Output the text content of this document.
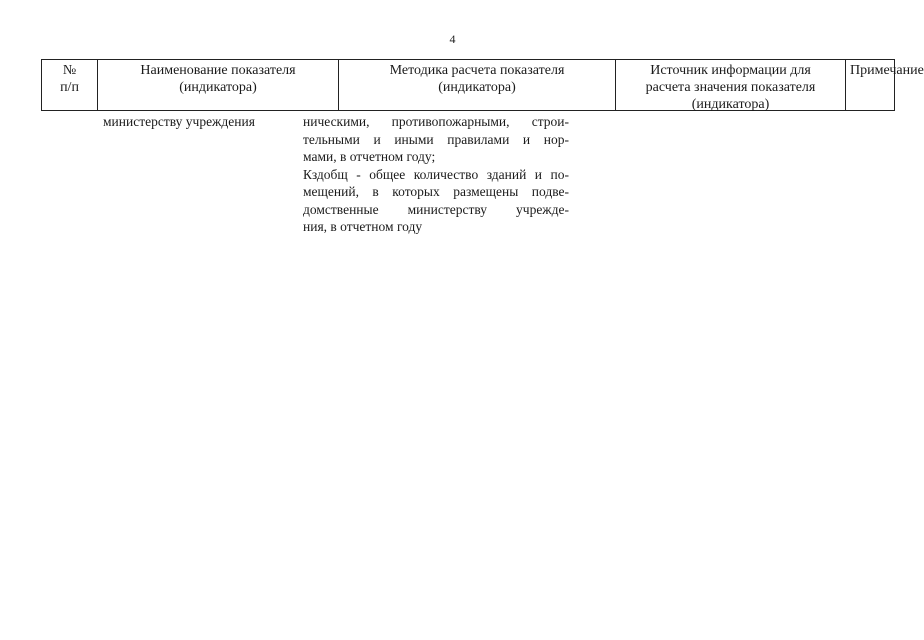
4
№
п/п
Наименование показателя
(индикатора)
Методика расчета показателя
(индикатора)
Источник информации для
расчета значения показателя
(индикатора)
Примечание
министерству учреждения	ническими, противопожарными, строи-
тельными и иными правилами и нор-
мами, в отчетном году;
Кздобщ - общее количество зданий и по-
мещений, в которых размещены подве-
домственные министерству учрежде-
ния, в отчетном году
